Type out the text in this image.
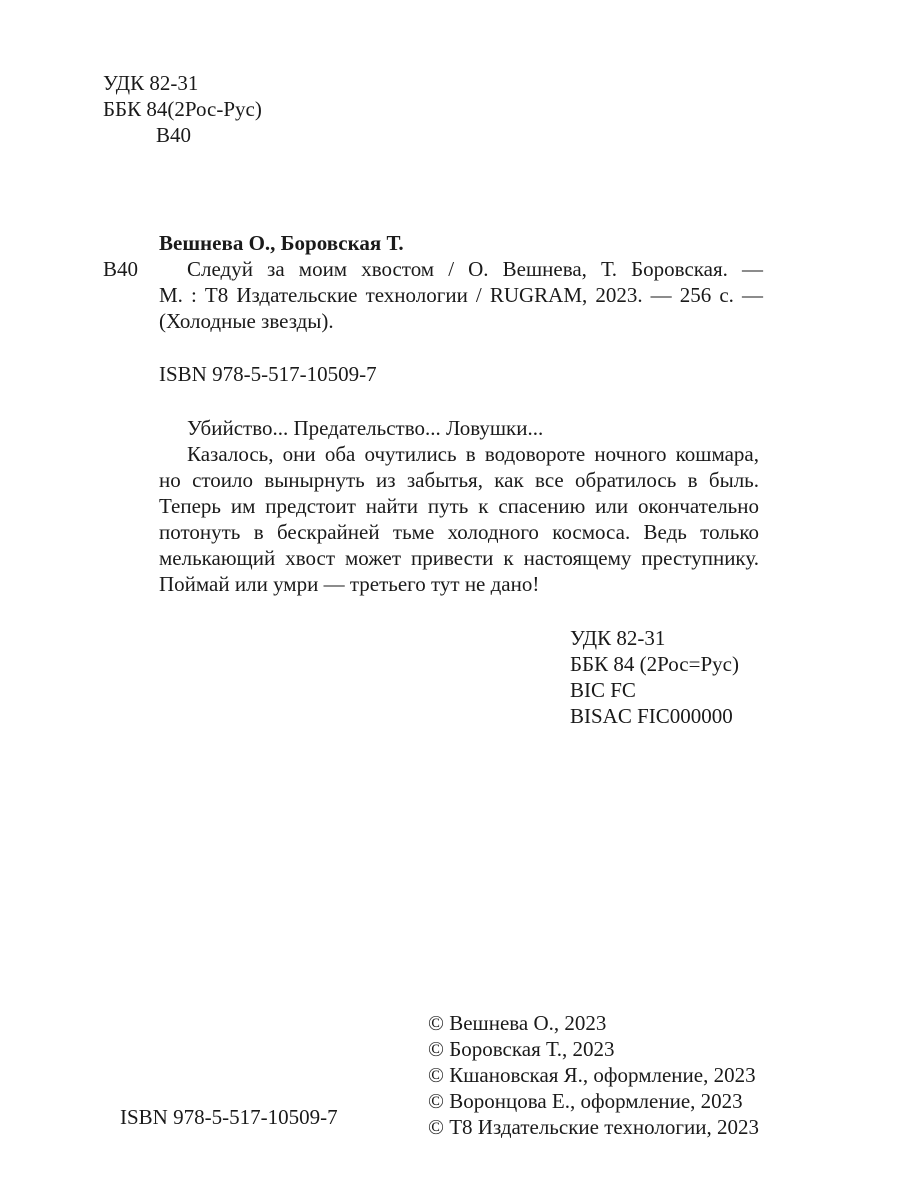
УДК 82-31
ББК 84(2Рос-Рус)
В40
Вешнева О., Боровская Т.
В40	Следуй за моим хвостом / О. Вешнева, Т. Боровская. —
М. : Т8 Издательские технологии / RUGRAM, 2023. — 256 с. —
(Холодные звезды).
ISBN 978-5-517-10509-7
Убийство... Предательство... Ловушки...
Казалось, они оба очутились в водовороте ночного кошмара,
но стоило вынырнуть из забытья, как все обратилось в быль.
Теперь им предстоит найти путь к спасению или окончательно
потонуть в бескрайней тьме холодного космоса. Ведь только
мелькающий хвост может привести к настоящему преступнику.
Поймай или умри — третьего тут не дано!
УДК 82-31
ББК 84 (2Рос=Рус)
BIC FC
BISAC FIC000000
© Вешнева О., 2023
© Боровская Т., 2023
© Кшановская Я., оформление, 2023
© Воронцова Е., оформление, 2023
© Т8 Издательские технологии, 2023
ISBN 978-5-517-10509-7
